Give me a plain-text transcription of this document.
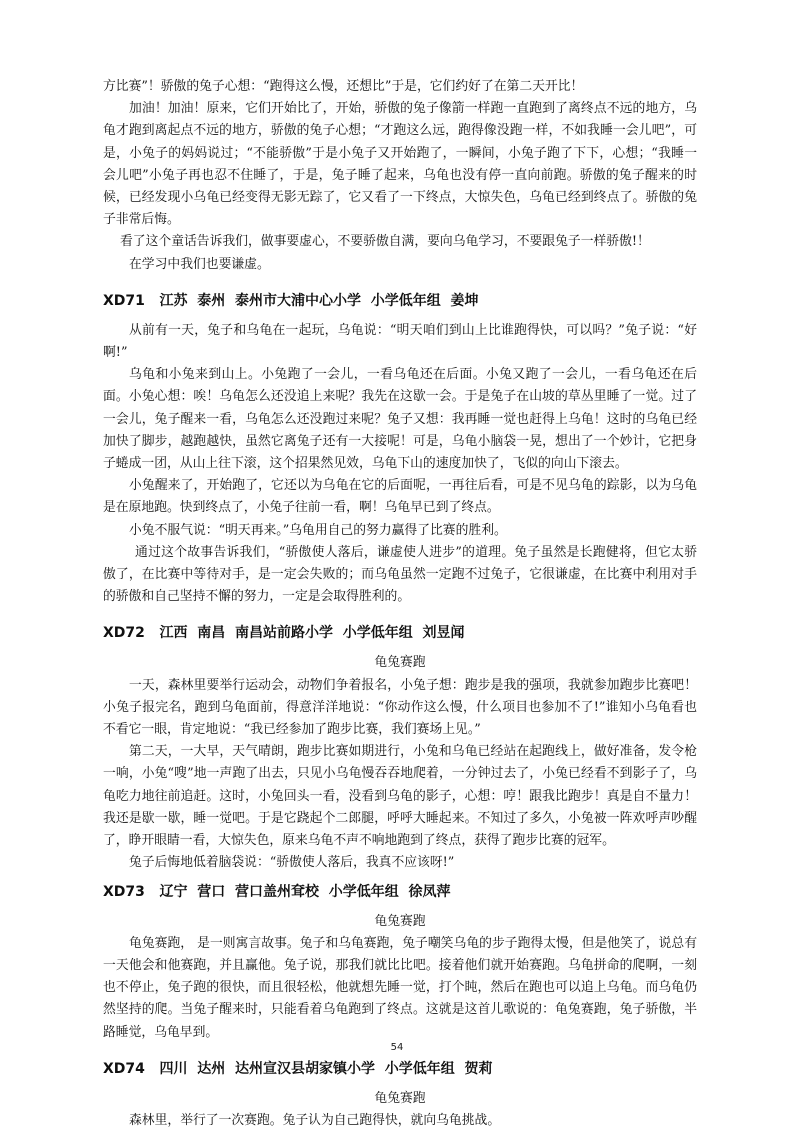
方比赛”！骄傲的兔子心想：“跑得这么慢，还想比”于是，它们约好了在第二天开比！

加油！加油！原来，它们开始比了，开始，骄傲的兔子像箭一样跑一直跑到了离终点不远的地方，乌龟才跑到离起点不远的地方，骄傲的兔子心想；“才跑这么远，跑得像没跑一样，不如我睡一会儿吧”，可是，小兔子的妈妈说过；“不能骄傲”于是小兔子又开始跑了，一瞬间，小兔子跑了下下，心想；“我睡一会儿吧”小兔子再也忍不住睡了，于是，兔子睡了起来，乌龟也没有停一直向前跑。骄傲的兔子醒来的时候，已经发现小乌龟已经变得无影无踪了，它又看了一下终点，大惊失色，乌龟已经到终点了。骄傲的兔子非常后悔。

看了这个童话告诉我们，做事要虚心，不要骄傲自满，要向乌龟学习，不要跟兔子一样骄傲!！

在学习中我们也要谦虚。

XD71   江苏  泰州  泰州市大浦中心小学  小学低年组  姜坤

从前有一天，兔子和乌龟在一起玩，乌龟说：“明天咱们到山上比谁跑得快，可以吗？”兔子说：“好啊!”

乌龟和小兔来到山上。小兔跑了一会儿，一看乌龟还在后面。小兔又跑了一会儿，一看乌龟还在后面。小兔心想：唉！乌龟怎么还没追上来呢？我先在这歇一会。于是兔子在山坡的草丛里睡了一觉。过了一会儿，兔子醒来一看，乌龟怎么还没跑过来呢？兔子又想：我再睡一觉也赶得上乌龟！这时的乌龟已经加快了脚步，越跑越快，虽然它离兔子还有一大接呢！可是，乌龟小脑袋一晃，想出了一个妙计，它把身子蜷成一团，从山上往下滚，这个招果然见效，乌龟下山的速度加快了，飞似的向山下滚去。

小兔醒来了，开始跑了，它还以为乌龟在它的后面呢，一再往后看，可是不见乌龟的踪影，以为乌龟是在原地跑。快到终点了，小兔子往前一看，啊！乌龟早已到了终点。

小兔不服气说：“明天再来。”乌龟用自己的努力赢得了比赛的胜利。

通过这个故事告诉我们，“骄傲使人落后，谦虚使人进步”的道理。兔子虽然是长跑健将，但它太骄傲了，在比赛中等待对手，是一定会失败的；而乌龟虽然一定跑不过兔子，它很谦虚，在比赛中利用对手的骄傲和自己坚持不懈的努力，一定是会取得胜利的。

XD72   江西  南昌  南昌站前路小学  小学低年组  刘昱闻

龟兔赛跑

一天，森林里要举行运动会，动物们争着报名，小兔子想：跑步是我的强项，我就参加跑步比赛吧！小兔子报完名，跑到乌龟面前，得意洋洋地说：“你动作这么慢，什么项目也参加不了!”谁知小乌龟看也不看它一眼，肯定地说：“我已经参加了跑步比赛，我们赛场上见。”

第二天，一大早，天气晴朗，跑步比赛如期进行，小兔和乌龟已经站在起跑线上，做好准备，发令枪一响，小兔“嗖”地一声跑了出去，只见小乌龟慢吞吞地爬着，一分钟过去了，小兔已经看不到影子了，乌龟吃力地往前追赶。这时，小兔回头一看，没看到乌龟的影子，心想：哼！跟我比跑步！真是自不量力！我还是歇一歇，睡一觉吧。于是它跷起个二郎腿，呼呼大睡起来。不知过了多久，小兔被一阵欢呼声吵醒了，睁开眼睛一看，大惊失色，原来乌龟不声不响地跑到了终点，获得了跑步比赛的冠军。

兔子后悔地低着脑袋说：“骄傲使人落后，我真不应该呀!”

XD73   辽宁  营口  营口盖州耷校  小学低年组  徐凤萍

龟兔赛跑

龟兔赛跑， 是一则寓言故事。兔子和乌龟赛跑，兔子嘲笑乌龟的步子跑得太慢，但是他笑了，说总有一天他会和他赛跑，并且赢他。兔子说，那我们就比比吧。接着他们就开始赛跑。乌龟拼命的爬啊，一刻也不停止，兔子跑的很快，而且很轻松，他就想先睡一觉，打个盹，然后在跑也可以追上乌龟。而乌龟仍然坚持的爬。当兔子醒来时，只能看着乌龟跑到了终点。这就是这首儿歌说的：龟兔赛跑，兔子骄傲，半路睡觉，乌龟早到。

XD74   四川  达州  达州宣汉县胡家镇小学  小学低年组  贺莉

龟兔赛跑

森林里，举行了一次赛跑。兔子认为自己跑得快，就向乌龟挑战。

54
